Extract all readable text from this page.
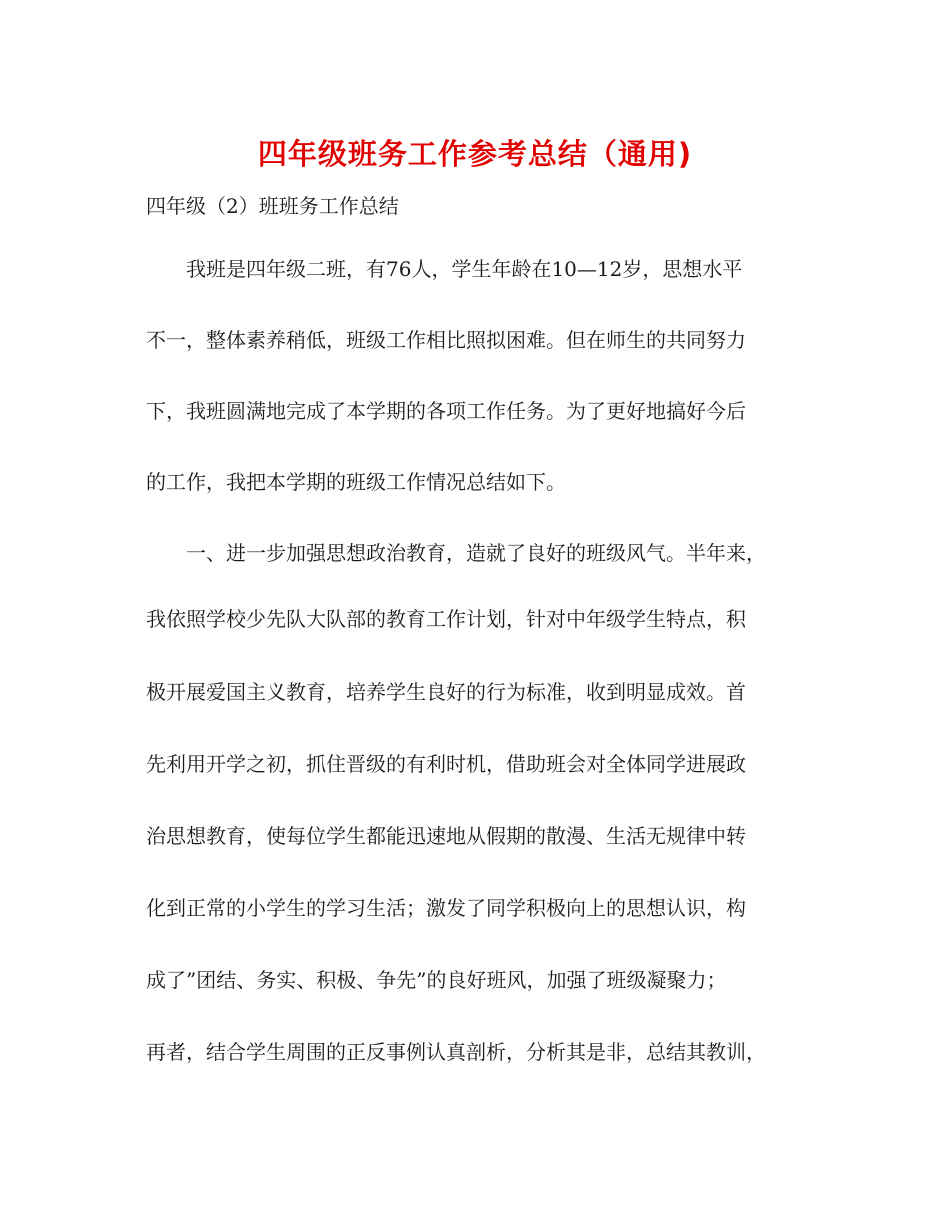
四年级班务工作参考总结（通用)

四年级（2）班班务工作总结

我班是四年级二班，有76人，学生年龄在10—12岁，思想水平

不一，整体素养稍低，班级工作相比照拟困难。但在师生的共同努力

下，我班圆满地完成了本学期的各项工作任务。为了更好地搞好今后

的工作，我把本学期的班级工作情况总结如下。

一、进一步加强思想政治教育，造就了良好的班级风气。半年来，

我依照学校少先队大队部的教育工作计划，针对中年级学生特点，积

极开展爱国主义教育，培养学生良好的行为标准，收到明显成效。首

先利用开学之初，抓住晋级的有利时机，借助班会对全体同学进展政

治思想教育，使每位学生都能迅速地从假期的散漫、生活无规律中转

化到正常的小学生的学习生活；激发了同学积极向上的思想认识，构

成了”团结、务实、积极、争先”的良好班风，加强了班级凝聚力；

再者，结合学生周围的正反事例认真剖析，分析其是非，总结其教训，
